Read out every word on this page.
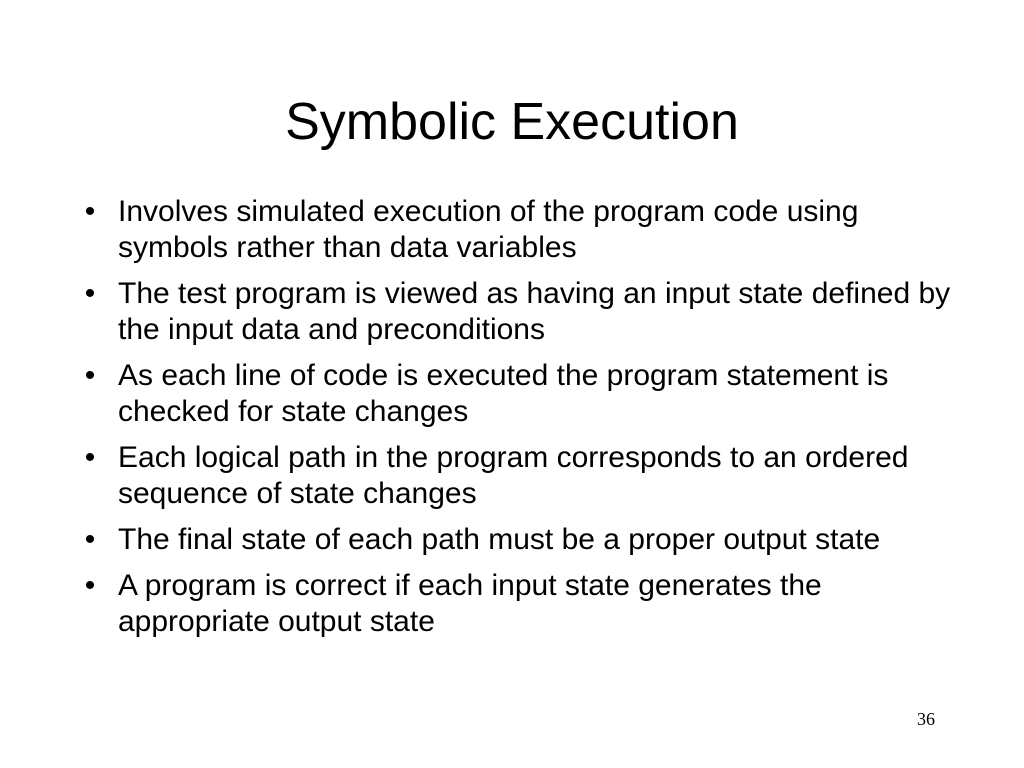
Symbolic Execution
• Involves simulated execution of the program code using symbols rather than data variables
• The test program is viewed as having an input state defined by the input data and preconditions
• As each line of code is executed the program statement is checked for state changes
• Each logical path in the program corresponds to an ordered sequence of state changes
• The final state of each path must be a proper output state
• A program is correct if each input state generates the appropriate output state
36
